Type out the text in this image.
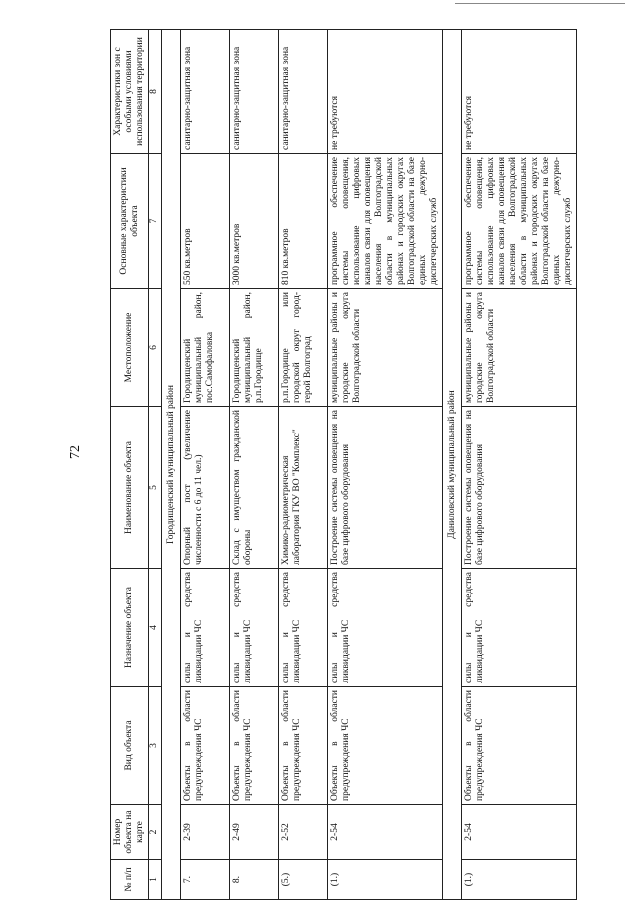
72
№ п/п	Номер объекта на карте	Вид объекта	Назначение объекта	Наименование объекта	Местоположение	Основные характеристики объекта	Характеристики зон с особыми условиями использования территории
1	2	3	4	5	6	7	8
Городищенский муниципальный район							
7.	2-39	Объекты в области предупреждения ЧС	силы и средства ликвидации ЧС	Опорный пост (увеличение численности с 6 до 11 чел.)	Городищенский муниципальный район, пос.Самофаловка	550 кв.метров	санитарно-защитная зона
8.	2-49	Объекты в области предупреждения ЧС	силы и средства ликвидации ЧС	Склад с имуществом гражданской обороны	Городищенский муниципальный район, р.п.Городище	3000 кв.метров	санитарно-защитная зона
(5.)	2-52	Объекты в области предупреждения ЧС	силы и средства ликвидации ЧС	Химико-радиометрическая лаборатория ГКУ ВО "Комплекс"	р.п.Городище или городской округ город-герой Волгоград	810 кв.метров	санитарно-защитная зона
(1.)	2-54	Объекты в области предупреждения ЧС	силы и средства ликвидации ЧС	Построение системы оповещения на базе цифрового оборудования	муниципальные районы и городские округа Волгоградской области	программное обеспечение системы оповещения, использование цифровых каналов связи для оповещения населения Волгоградской области в муниципальных районах и городских округах Волгоградской области на базе единых дежурно-диспетчерских служб	не требуются
Даниловский муниципальный район							
(1.)	2-54	Объекты в области предупреждения ЧС	силы и средства ликвидации ЧС	Построение системы оповещения на базе цифрового оборудования	муниципальные районы и городские округа Волгоградской области	программное обеспечение системы оповещения, использование цифровых каналов связи для оповещения населения Волгоградской области в муниципальных районах и городских округах Волгоградской области на базе единых дежурно-диспетчерских служб	не требуются
